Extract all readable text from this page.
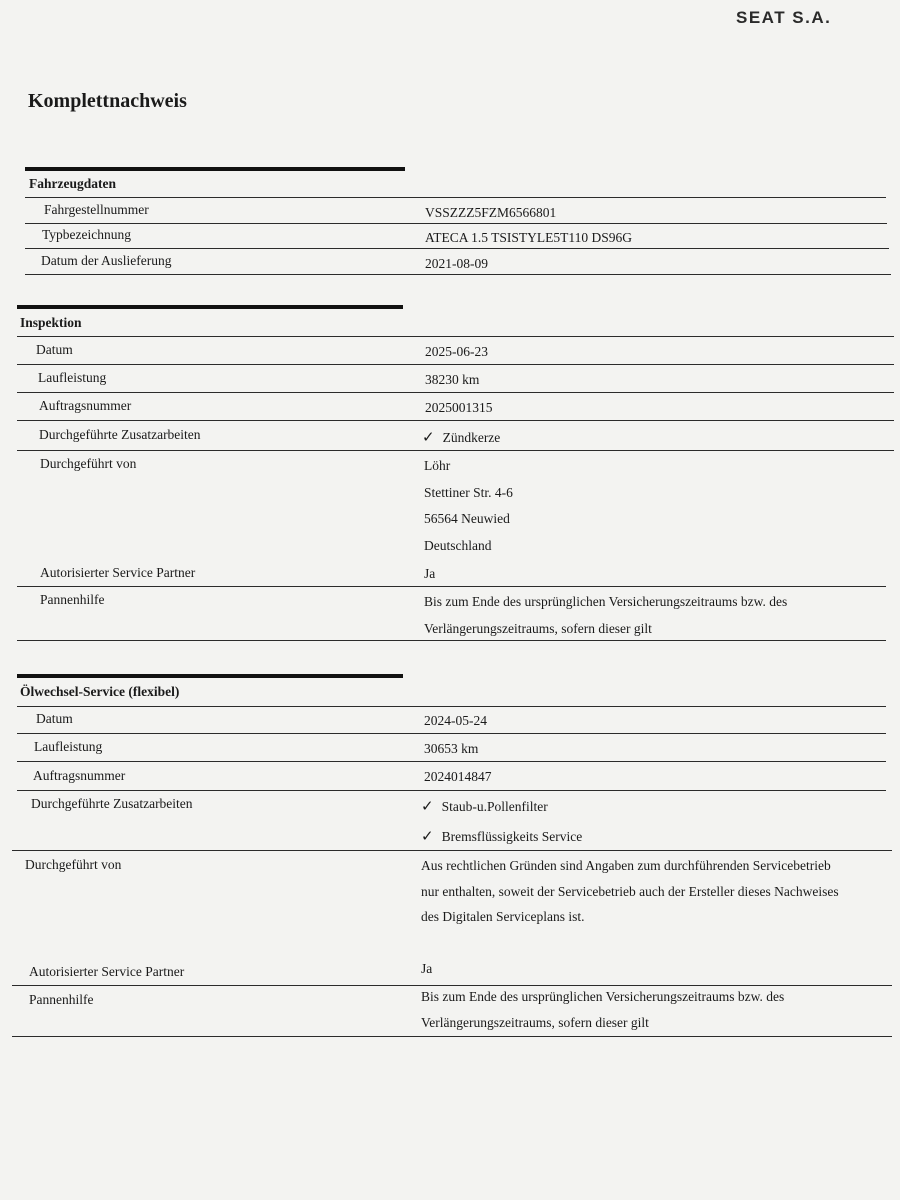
SEAT S.A.
Komplettnachweis
Fahrzeugdaten
Fahrgestellnummer	VSSZZZ5FZM6566801
Typbezeichnung	ATECA 1.5 TSISTYLE5T110 DS96G
Datum der Auslieferung	2021-08-09
Inspektion
Datum	2025-06-23
Laufleistung	38230 km
Auftragsnummer	2025001315
Durchgeführte Zusatzarbeiten	✓ Zündkerze
Durchgeführt von	Löhr
Stettiner Str. 4-6
56564 Neuwied
Deutschland
Autorisierter Service Partner	Ja
Pannenhilfe	Bis zum Ende des ursprünglichen Versicherungszeitraums bzw. des
Verlängerungszeitraums, sofern dieser gilt
Ölwechsel-Service (flexibel)
Datum	2024-05-24
Laufleistung	30653 km
Auftragsnummer	2024014847
Durchgeführte Zusatzarbeiten	✓ Staub-u.Pollenfilter
✓ Bremsflüssigkeits Service
Durchgeführt von	Aus rechtlichen Gründen sind Angaben zum durchführenden Servicebetrieb
nur enthalten, soweit der Servicebetrieb auch der Ersteller dieses Nachweises
des Digitalen Serviceplans ist.
Autorisierter Service Partner	Ja
Pannenhilfe	Bis zum Ende des ursprünglichen Versicherungszeitraums bzw. des
Verlängerungszeitraums, sofern dieser gilt
